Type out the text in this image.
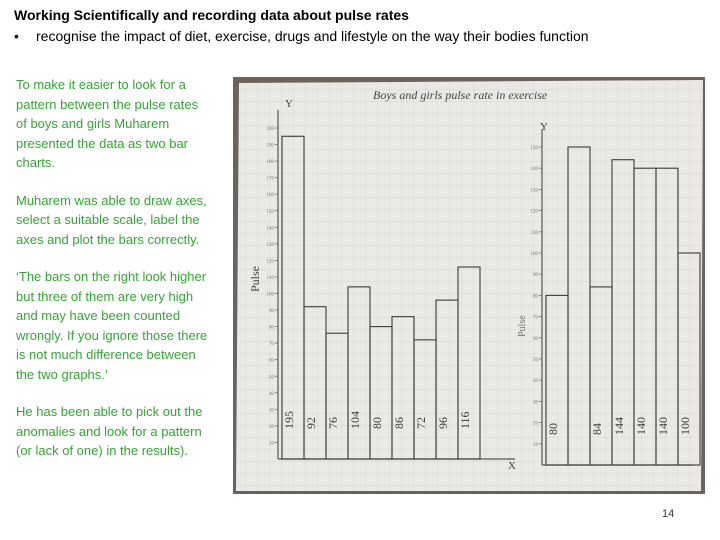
Working Scientifically and recording data about pulse rates
• recognise the impact of diet, exercise, drugs and lifestyle on the way their bodies function

To make it easier to look for a pattern between the pulse rates of boys and girls Muharem presented the data as two bar charts.

Muharem was able to draw axes, select a suitable scale, label the axes and plot the bars correctly.

‘The bars on the right look higher but three of them are very high and may have been counted wrongly. If you ignore those there is not much difference between the two graphs.’

He has been able to pick out the anomalies and look for a pattern (or lack of one) in the results).

Boys and girls pulse rate in exercise
Y
Y
X
Pulse
Pulse
200
190
180
170
160
150
140
130
120
110
100
90
80
70
60
50
40
30
20
10
195 92 76 104 80 86 72 96 116
150
140
130
120
110
100
90
80
70
60
50
40
30
20
10
80	84 144 140 140 100
14
